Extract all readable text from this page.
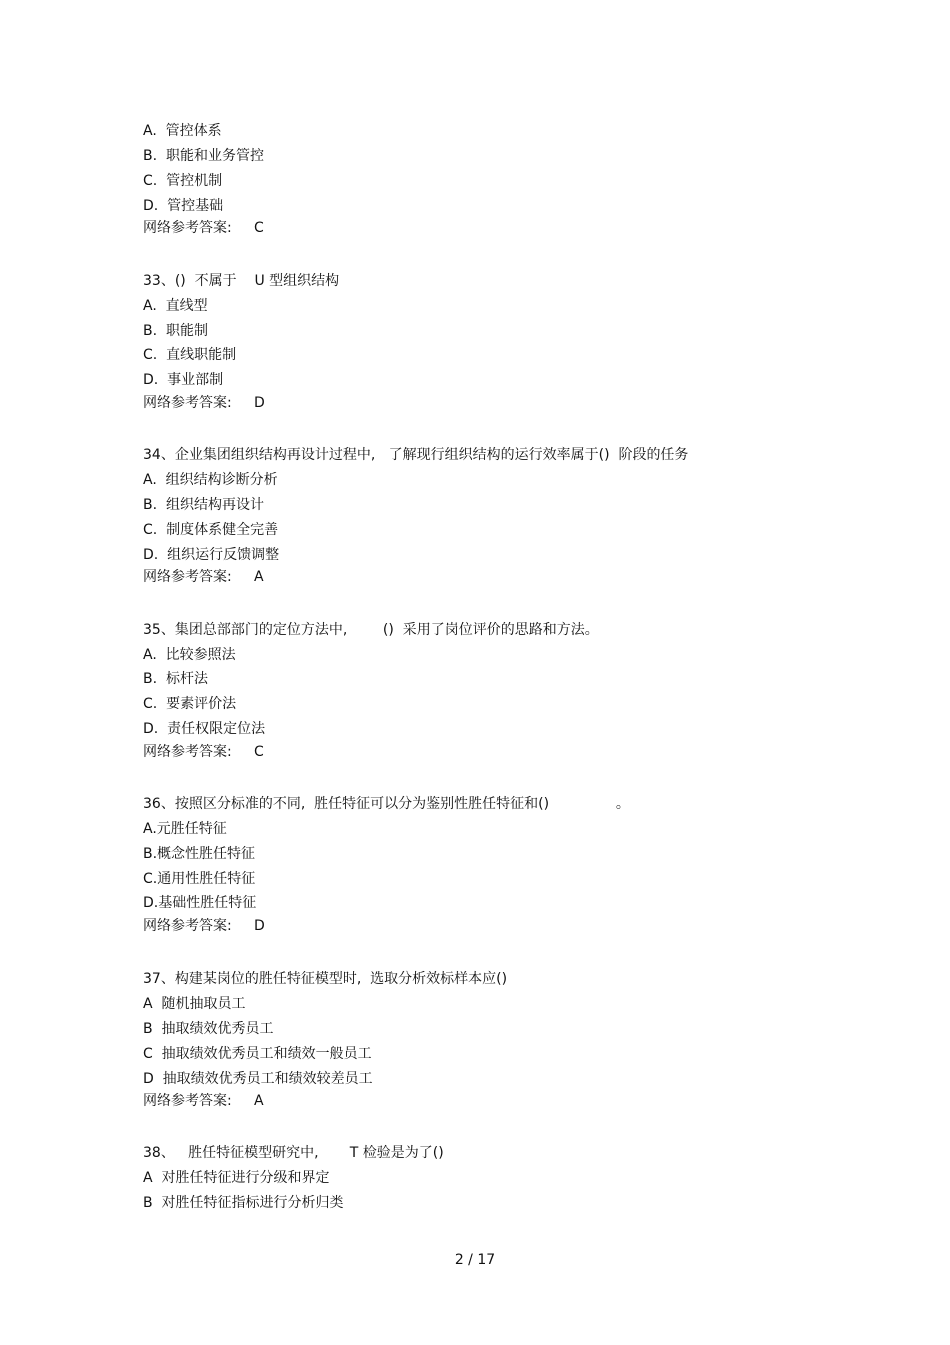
A.  管控体系
B.  职能和业务管控
C.  管控机制
D.  管控基础
网络参考答案:     C
33、()  不属于    U 型组织结构
A.  直线型
B.  职能制
C.  直线职能制
D.  事业部制
网络参考答案:     D
34、企业集团组织结构再设计过程中,   了解现行组织结构的运行效率属于()  阶段的任务
A.  组织结构诊断分析
B.  组织结构再设计
C.  制度体系健全完善
D.  组织运行反馈调整
网络参考答案:     A
35、集团总部部门的定位方法中,        ()  采用了岗位评价的思路和方法。
A.  比较参照法
B.  标杆法
C.  要素评价法
D.  责任权限定位法
网络参考答案:     C
36、按照区分标准的不同,  胜任特征可以分为鉴别性胜任特征和()               。
A.元胜任特征
B.概念性胜任特征
C.通用性胜任特征
D.基础性胜任特征
网络参考答案:     D
37、构建某岗位的胜任特征模型时,  选取分析效标样本应()
A  随机抽取员工
B  抽取绩效优秀员工
C  抽取绩效优秀员工和绩效一般员工
D  抽取绩效优秀员工和绩效较差员工
网络参考答案:     A
38、   胜任特征模型研究中,       T 检验是为了()
A  对胜任特征进行分级和界定
B  对胜任特征指标进行分析归类
2 / 17
